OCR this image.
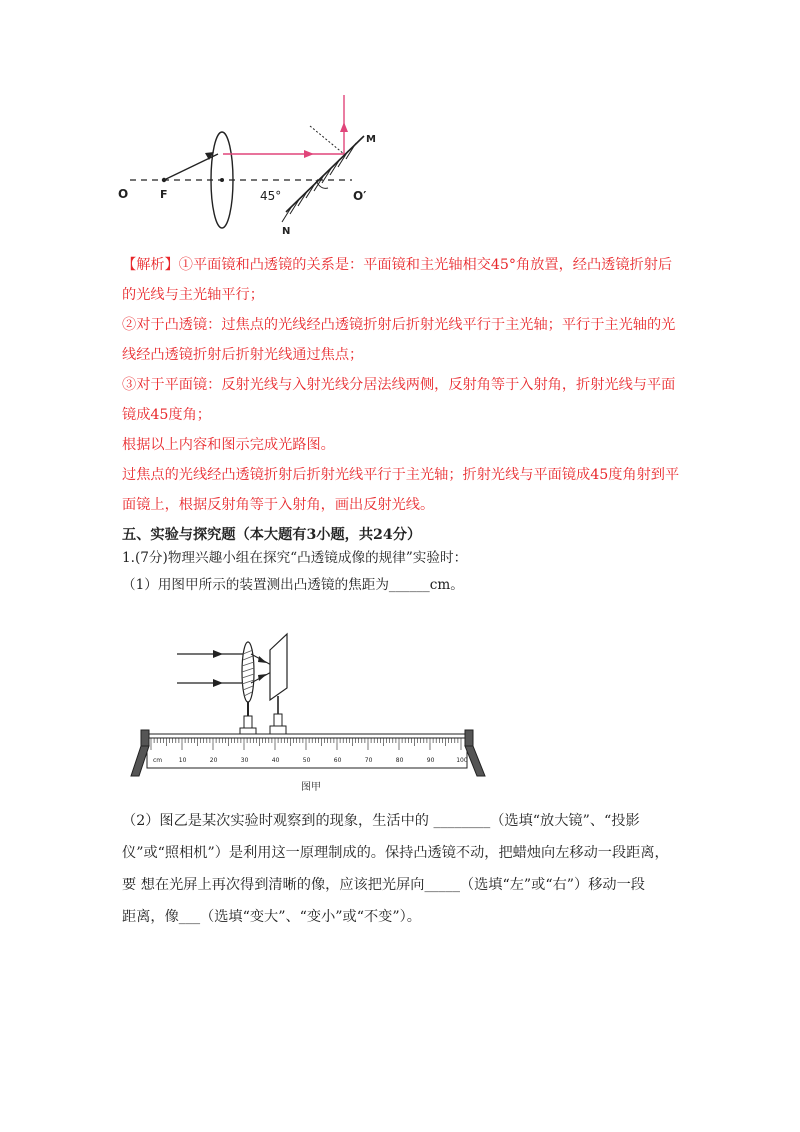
O	F	45°	O′
M
N
【解析】①平面镜和凸透镜的关系是：平面镜和主光轴相交45°角放置，经凸透镜折射后
的光线与主光轴平行；
②对于凸透镜：过焦点的光线经凸透镜折射后折射光线平行于主光轴；平行于主光轴的光
线经凸透镜折射后折射光线通过焦点；
③对于平面镜：反射光线与入射光线分居法线两侧，反射角等于入射角，折射光线与平面
镜成45度角；
根据以上内容和图示完成光路图。
过焦点的光线经凸透镜折射后折射光线平行于主光轴；折射光线与平面镜成45度角射到平
面镜上，根据反射角等于入射角，画出反射光线。
五、实验与探究题（本大题有3小题，共24分）
1.(7分)物理兴趣小组在探究“凸透镜成像的规律”实验时：
（1）用图甲所示的装置测出凸透镜的焦距为______cm。
10	20	30	40	50	60	70	80	90	100
cm
图甲
（2）图乙是某次实验时观察到的现象，生活中的 ________（选填“放大镜”、“投影
仪”或“照相机”）是利用这一原理制成的。保持凸透镜不动，把蜡烛向左移动一段距离，
要 想在光屏上再次得到清晰的像，应该把光屏向_____（选填“左”或“右”）移动一段
距离，像___（选填“变大”、“变小”或“不变”）。
